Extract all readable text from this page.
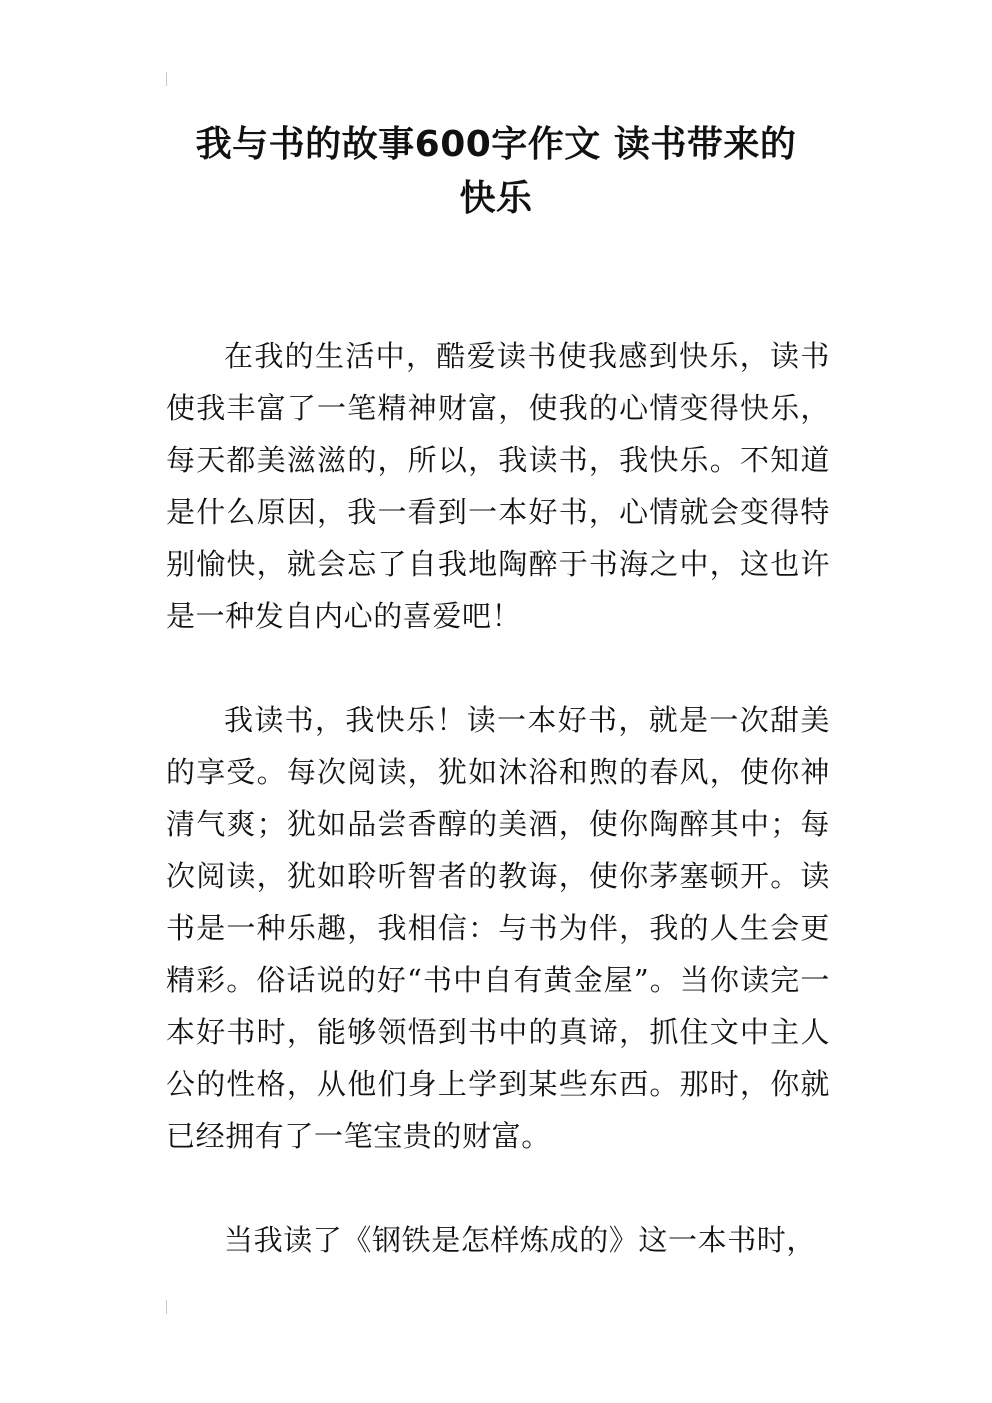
我与书的故事600字作文 读书带来的
快乐

在我的生活中，酷爱读书使我感到快乐，读书使我丰富了一笔精神财富，使我的心情变得快乐，每天都美滋滋的，所以，我读书，我快乐。不知道是什么原因，我一看到一本好书，心情就会变得特别愉快，就会忘了自我地陶醉于书海之中，这也许是一种发自内心的喜爱吧！

我读书，我快乐！读一本好书，就是一次甜美的享受。每次阅读，犹如沐浴和煦的春风，使你神清气爽；犹如品尝香醇的美酒，使你陶醉其中；每次阅读，犹如聆听智者的教诲，使你茅塞顿开。读书是一种乐趣，我相信：与书为伴，我的人生会更精彩。俗话说的好“书中自有黄金屋”。当你读完一本好书时，能够领悟到书中的真谛，抓住文中主人公的性格，从他们身上学到某些东西。那时，你就已经拥有了一笔宝贵的财富。

当我读了《钢铁是怎样炼成的》这一本书时，
